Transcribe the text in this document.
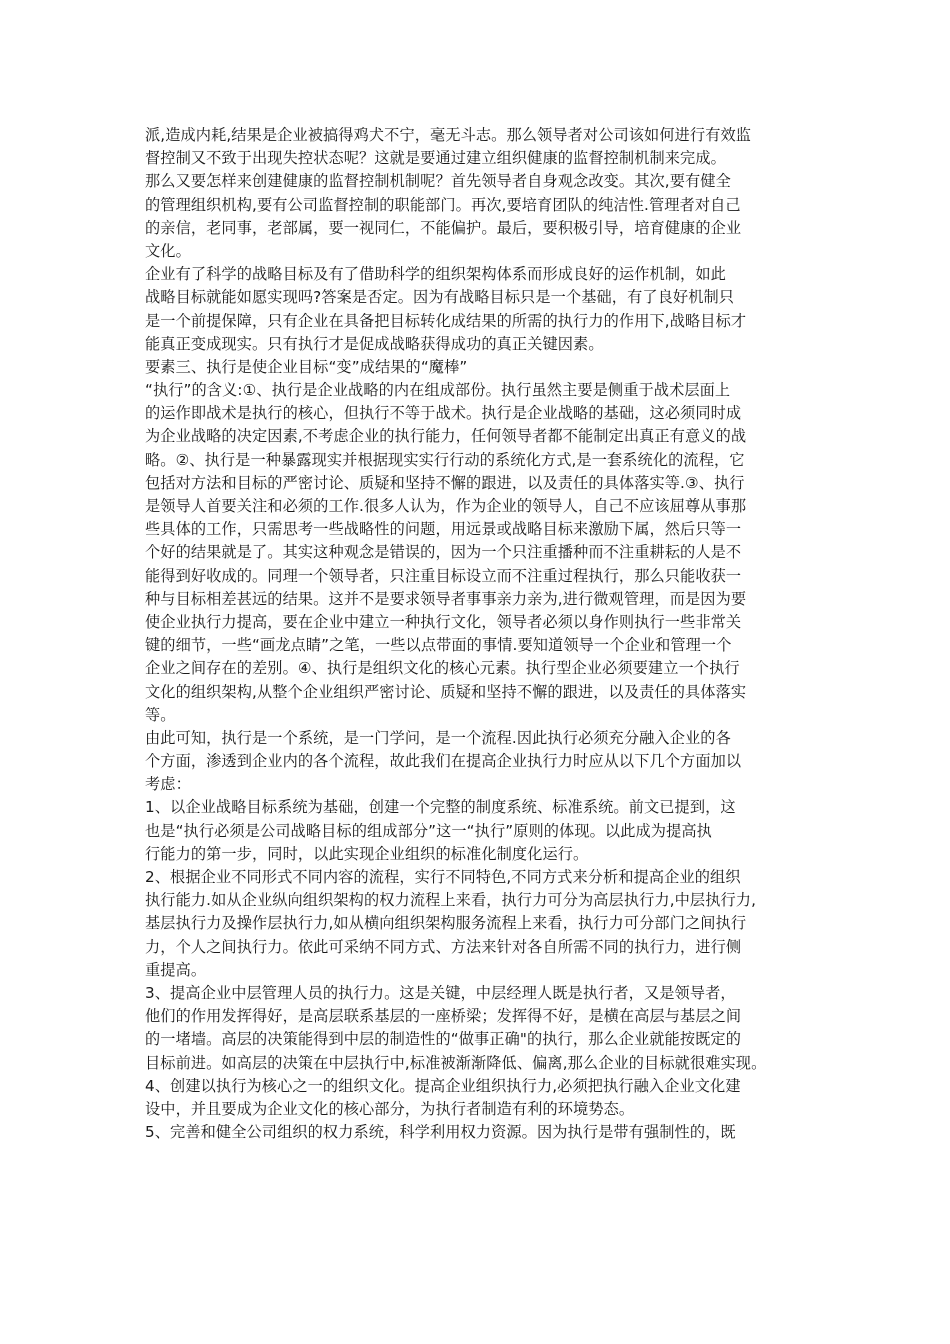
派,造成内耗,结果是企业被搞得鸡犬不宁，毫无斗志。那么领导者对公司该如何进行有效监
督控制又不致于出现失控状态呢？这就是要通过建立组织健康的监督控制机制来完成。
那么又要怎样来创建健康的监督控制机制呢？首先领导者自身观念改变。其次,要有健全
的管理组织机构,要有公司监督控制的职能部门。再次,要培育团队的纯洁性.管理者对自己
的亲信，老同事，老部属，要一视同仁，不能偏护。最后，要积极引导，培育健康的企业
文化。
企业有了科学的战略目标及有了借助科学的组织架构体系而形成良好的运作机制，如此
战略目标就能如愿实现吗?答案是否定。因为有战略目标只是一个基础，有了良好机制只
是一个前提保障，只有企业在具备把目标转化成结果的所需的执行力的作用下,战略目标才
能真正变成现实。只有执行才是促成战略获得成功的真正关键因素。
要素三、执行是使企业目标“变”成结果的“魔棒”
“执行”的含义:①、执行是企业战略的内在组成部份。执行虽然主要是侧重于战术层面上
的运作即战术是执行的核心，但执行不等于战术。执行是企业战略的基础，这必须同时成
为企业战略的决定因素,不考虑企业的执行能力，任何领导者都不能制定出真正有意义的战
略。②、执行是一种暴露现实并根据现实实行行动的系统化方式,是一套系统化的流程，它
包括对方法和目标的严密讨论、质疑和坚持不懈的跟进，以及责任的具体落实等.③、执行
是领导人首要关注和必须的工作.很多人认为，作为企业的领导人，自己不应该屈尊从事那
些具体的工作，只需思考一些战略性的问题，用远景或战略目标来激励下属，然后只等一
个好的结果就是了。其实这种观念是错误的，因为一个只注重播种而不注重耕耘的人是不
能得到好收成的。同理一个领导者，只注重目标设立而不注重过程执行，那么只能收获一
种与目标相差甚远的结果。这并不是要求领导者事事亲力亲为,进行微观管理，而是因为要
使企业执行力提高，要在企业中建立一种执行文化，领导者必须以身作则执行一些非常关
键的细节，一些“画龙点睛”之笔，一些以点带面的事情.要知道领导一个企业和管理一个
企业之间存在的差别。④、执行是组织文化的核心元素。执行型企业必须要建立一个执行
文化的组织架构,从整个企业组织严密讨论、质疑和坚持不懈的跟进，以及责任的具体落实
等。
由此可知，执行是一个系统，是一门学问，是一个流程.因此执行必须充分融入企业的各
个方面，渗透到企业内的各个流程，故此我们在提高企业执行力时应从以下几个方面加以
考虑：
1、以企业战略目标系统为基础，创建一个完整的制度系统、标准系统。前文已提到，这
也是“执行必须是公司战略目标的组成部分”这一“执行”原则的体现。以此成为提高执
行能力的第一步，同时，以此实现企业组织的标准化制度化运行。
2、根据企业不同形式不同内容的流程，实行不同特色,不同方式来分析和提高企业的组织
执行能力.如从企业纵向组织架构的权力流程上来看，执行力可分为高层执行力,中层执行力,
基层执行力及操作层执行力,如从横向组织架构服务流程上来看，执行力可分部门之间执行
力，个人之间执行力。依此可采纳不同方式、方法来针对各自所需不同的执行力，进行侧
重提高。
3、提高企业中层管理人员的执行力。这是关键，中层经理人既是执行者，又是领导者，
他们的作用发挥得好，是高层联系基层的一座桥梁；发挥得不好，是横在高层与基层之间
的一堵墙。高层的决策能得到中层的制造性的“做事正确"的执行，那么企业就能按既定的
目标前进。如高层的决策在中层执行中,标准被渐渐降低、偏离,那么企业的目标就很难实现。
4、创建以执行为核心之一的组织文化。提高企业组织执行力,必须把执行融入企业文化建
设中，并且要成为企业文化的核心部分，为执行者制造有利的环境势态。
5、完善和健全公司组织的权力系统，科学利用权力资源。因为执行是带有强制性的，既
